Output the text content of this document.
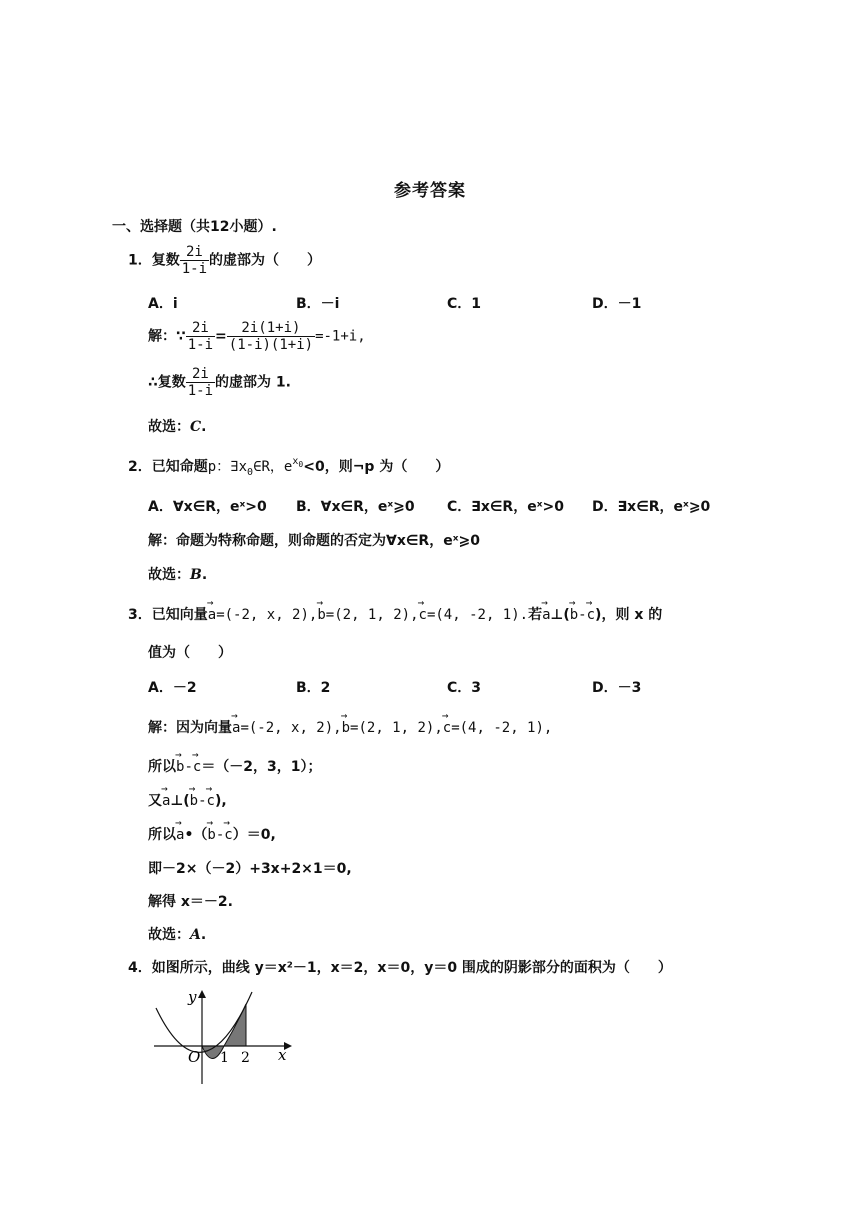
参考答案
一、选择题（共12小题）.
1．复数 $\frac{2i}{1-i}$ 的虚部为（　　）
A．i	B．－i	C．1	D．－1
解：∵ $\frac{2i}{1-i} = \frac{2i(1+i)}{(1-i)(1+i)} =-1+i$,
∴复数 $\frac{2i}{1-i}$ 的虚部为 1.
故选：C.
2．已知命题p：$\exists x_0\in R$，$e^{x0}<0$，则¬p 为（　　）
A．∀x∈R，eˣ>0 B．∀x∈R，eˣ⩾0 C．∃x∈R，eˣ>0 D．∃x∈R，eˣ⩾0
解：命题为特称命题，则命题的否定为∀x∈R，eˣ⩾0
故选：B.
3．已知向量→ a=(-2, x, 2),→ b=(2, 1, 2),→ c=(4, -2, 1).若→ a⊥(→ b-→ c)，则 x 的
值为（　　）
A．－2	B．2	C．3	D．－3
解：因为向量→ a=(-2, x, 2),→ b=(2, 1, 2),→ c=(4, -2, 1),
所以→ b-→ c＝（－2，3，1）；
又→ a⊥(→ b-→ c),
所以→ a•（→ b-→ c）＝0,
即－2×（－2）+3x+2×1＝0,
解得 x＝－2.
故选：A.
4．如图所示，曲线 y＝x²－1，x＝2，x＝0，y＝0 围成的阴影部分的面积为（　　）
y
x
O 1 2
